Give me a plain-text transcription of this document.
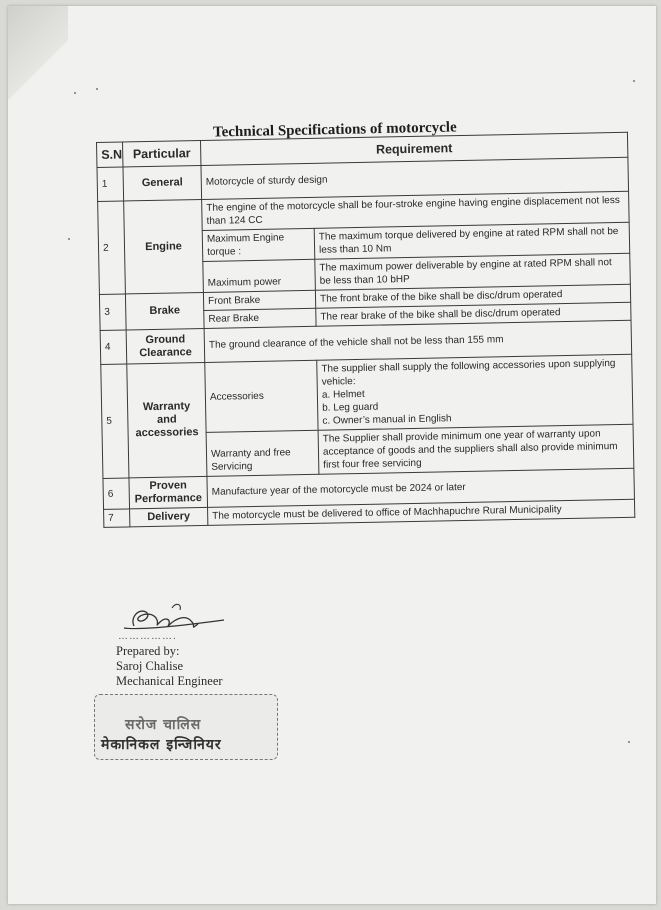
Technical Specifications of motorcycle
S.N	Particular	Requirement	
1	General	Motorcycle of sturdy design	
2	Engine	The engine of the motorcycle shall be four-stroke engine having engine displacement not less than 124 CC	
		Maximum Engine torque :	The maximum torque delivered by engine at rated RPM shall not be less than 10 Nm
		Maximum power	The maximum power deliverable by engine at rated RPM shall not be less than 10 bHP
3	Brake	Front Brake	The front brake of the bike shall be disc/drum operated
		Rear Brake	The rear brake of the bike shall be disc/drum operated
4	Ground Clearance	The ground clearance of the vehicle shall not be less than 155 mm	
5	Warranty and accessories	Accessories	The supplier shall supply the following accessories upon supplying vehicle:
a. Helmet
b. Leg guard
c. Owner’s manual in English

		Warranty and free Servicing	The Supplier shall provide minimum one year of warranty upon acceptance of goods and the suppliers shall also provide minimum first four free servicing
6	Proven Performance	Manufacture year of the motorcycle must be 2024 or later	
7	Delivery	The motorcycle must be delivered to office of Machhapuchre Rural Municipality	
…………….
Prepared by:
Saroj Chalise
Mechanical Engineer
सरोज चालिस
मेकानिकल इन्जिनियर
